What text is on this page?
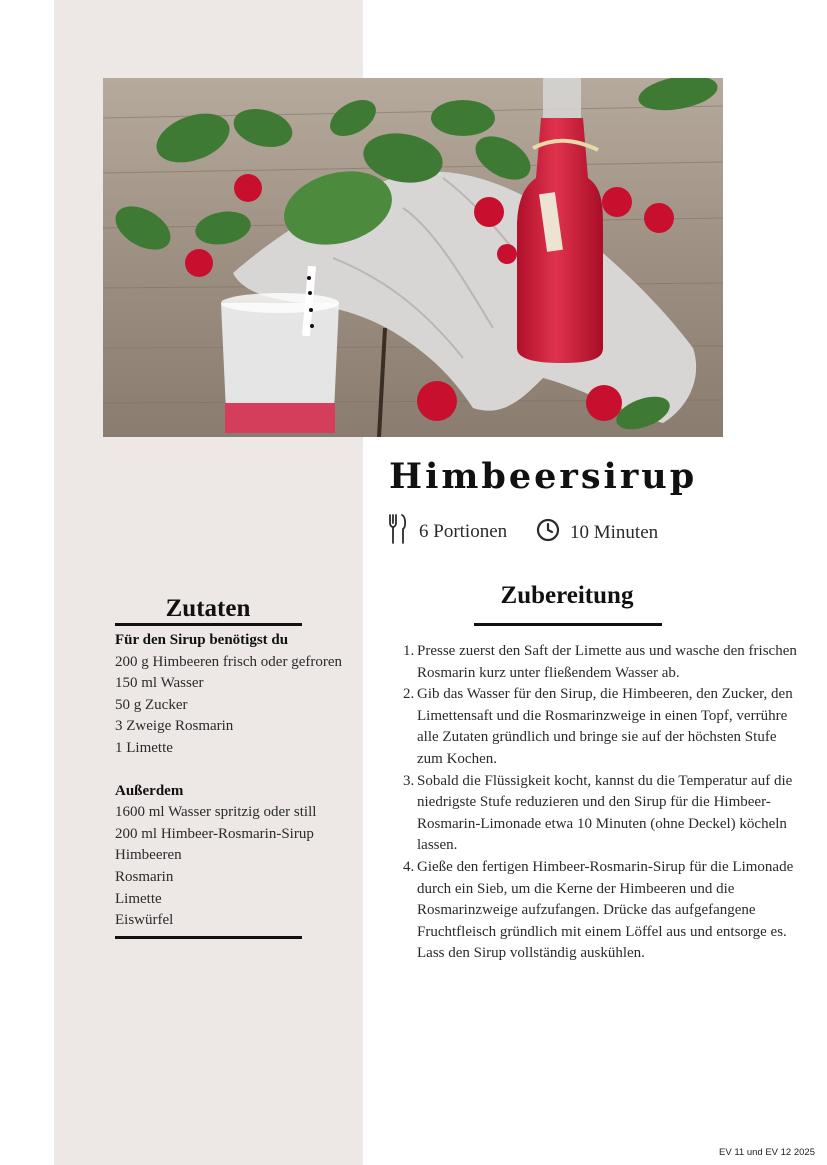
Himbeersirup
6 Portionen	10 Minuten
Zutaten
Für den Sirup benötigst du
200 g Himbeeren frisch oder gefroren
150 ml Wasser
50 g Zucker
3 Zweige Rosmarin
1 Limette
Außerdem
1600 ml Wasser spritzig oder still
200 ml Himbeer-Rosmarin-Sirup
Himbeeren
Rosmarin
Limette
Eiswürfel
Zubereitung
1. Presse zuerst den Saft der Limette aus und wasche den frischen Rosmarin kurz unter fließendem Wasser ab.
2. Gib das Wasser für den Sirup, die Himbeeren, den Zucker, den Limettensaft und die Rosmarinzweige in einen Topf, verrühre alle Zutaten gründlich und bringe sie auf der höchsten Stufe zum Kochen.
3. Sobald die Flüssigkeit kocht, kannst du die Temperatur auf die niedrigste Stufe reduzieren und den Sirup für die Himbeer-Rosmarin-Limonade etwa 10 Minuten (ohne Deckel) köcheln lassen.
4. Gieße den fertigen Himbeer-Rosmarin-Sirup für die Limonade durch ein Sieb, um die Kerne der Himbeeren und die Rosmarinzweige aufzufangen. Drücke das aufgefangene Fruchtfleisch gründlich mit einem Löffel aus und entsorge es. Lass den Sirup vollständig auskühlen.
EV 11 und EV 12 2025
